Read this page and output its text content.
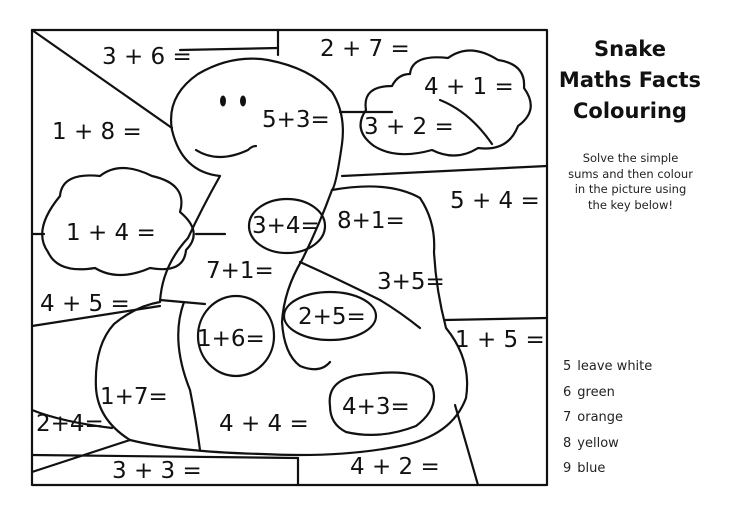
3 + 6 =	2 + 7 =
4 + 1 =
3 + 2 =
1 + 8 =	5+3=
5 + 4 =
1 + 4 =	3+4= 8+1=
7+1=	3+5=
4 + 5 =	2+5=
1+6=	1 + 5 =
1+7=	4+3=
2+4=	4 + 4 =
3 + 3 =	4 + 2 =
Snake
Maths Facts
Colouring
Solve the simple
sums and then colour
in the picture using
the key below!
5 leave white
6 green
7 orange
8 yellow
9 blue
